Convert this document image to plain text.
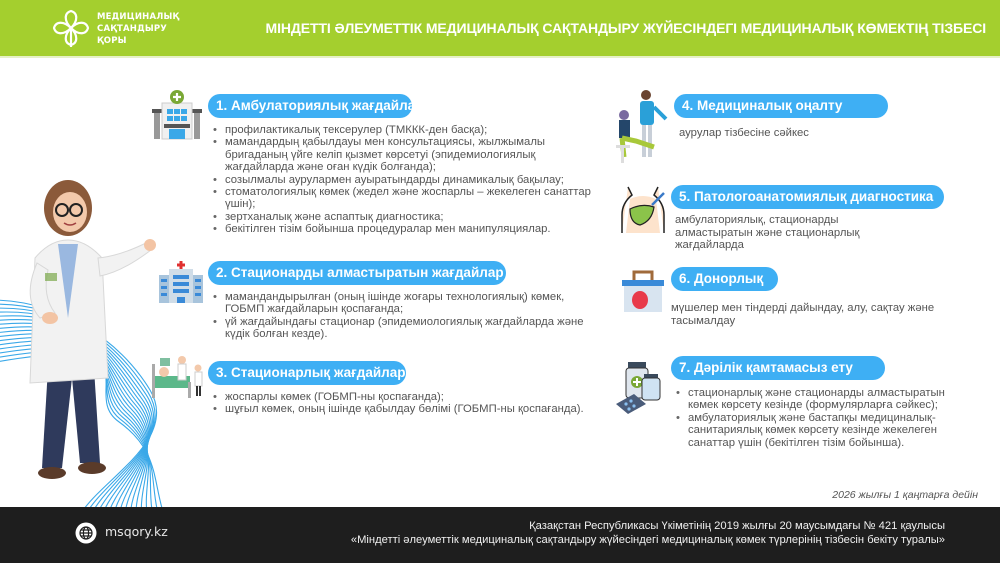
МЕДИЦИНАЛЫҚ
САҚТАНДЫРУ
ҚОРЫ
МІНДЕТТІ ӘЛЕУМЕТТІК МЕДИЦИНАЛЫҚ САҚТАНДЫРУ ЖҮЙЕСІНДЕГІ МЕДИЦИНАЛЫҚ КӨМЕКТІҢ ТІЗБЕСІ
1. Амбулаториялық жағдайлар
• профилактикалық тексерулер (ТМККК-ден басқа);
• мамандардың қабылдауы мен консультациясы, жылжымалы бригаданың үйге келіп қызмет көрсетуі (эпидемиологиялық жағдайларда және оған күдік болғанда);
• созылмалы аурулармен ауыратындарды динамикалық бақылау;
• стоматологиялық көмек (жедел және жоспарлы – жекелеген санаттар үшін);
• зертханалық және аспаптық диагностика;
• бекітілген тізім бойынша процедуралар мен манипуляциялар.
2. Стационарды алмастыратын жағдайлар
• мамандандырылған (оның ішінде жоғары технологиялық) көмек, ГОБМП жағдайларын қоспағанда;
• үй жағдайындағы стационар (эпидемиологиялық жағдайларда және күдік болған кезде).
3. Стационарлық жағдайлар
• жоспарлы көмек (ГОБМП-ны қоспағанда);
• шұғыл көмек, оның ішінде қабылдау бөлімі (ГОБМП-ны қоспағанда).
4. Медициналық оңалту
аурулар тізбесіне сәйкес
5. Патологоанатомиялық диагностика
амбулаториялық, стационарды алмастыратын және стационарлық жағдайларда
6. Донорлық
мүшелер мен тіндерді дайындау, алу, сақтау және тасымалдау
7. Дәрілік қамтамасыз ету
• стационарлық және стационарды алмастыратын көмек көрсету кезінде (формулярларға сәйкес);
• амбулаториялық және бастапқы медициналық-санитариялық көмек көрсету кезінде жекелеген санаттар үшін (бекітілген тізім бойынша).
2026 жылғы 1 қаңтарға дейін
msqory.kz	Қазақстан Республикасы Үкіметінің 2019 жылғы 20 маусымдағы № 421 қаулысы
«Міндетті әлеуметтік медициналық сақтандыру жүйесіндегі медициналық көмек түрлерінің тізбесін бекіту туралы»
